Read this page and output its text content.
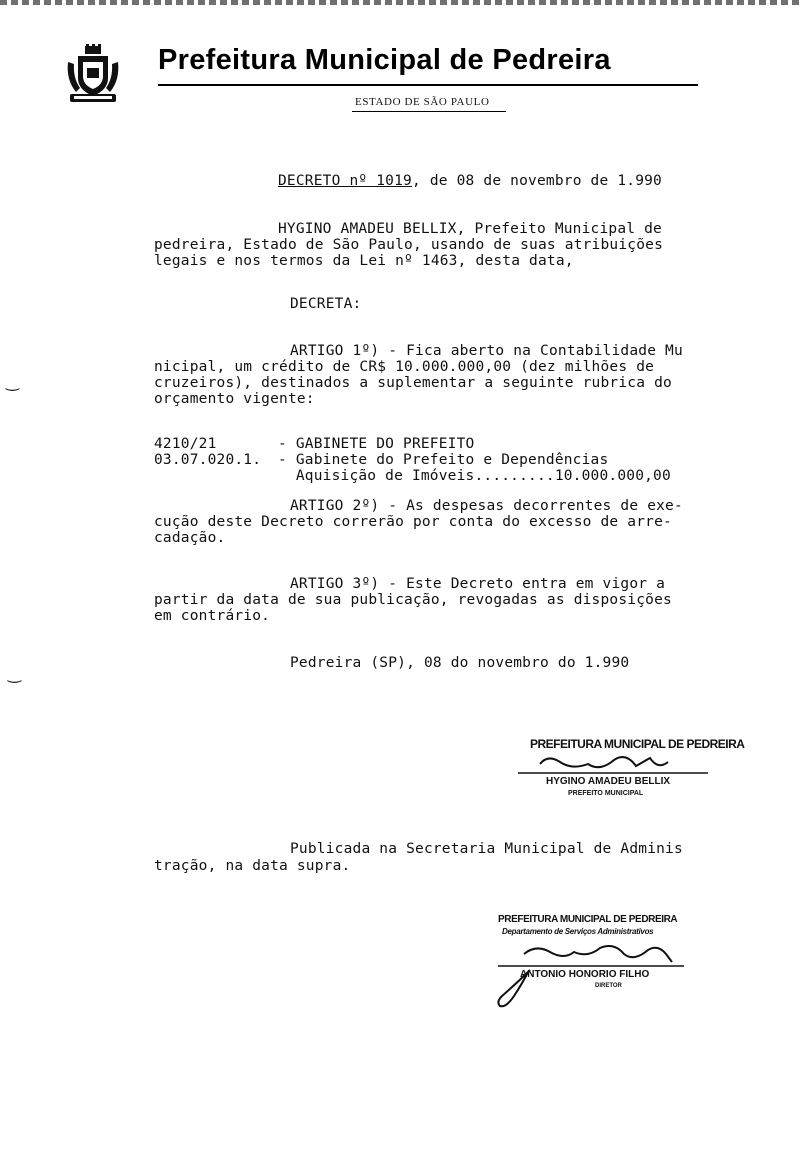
Prefeitura Municipal de Pedreira
ESTADO DE SÃO PAULO
DECRETO nº 1019, de 08 de novembro de 1.990
HYGINO AMADEU BELLIX, Prefeito Municipal de
pedreira, Estado de São Paulo, usando de suas atribuições
legais e nos termos da Lei nº 1463, desta data,
DECRETA:
ARTIGO 1º) - Fica aberto na Contabilidade Mu
nicipal, um crédito de CR$ 10.000.000,00 (dez milhões de
cruzeiros), destinados a suplementar a seguinte rubrica do
orçamento vigente:
4210/21	- GABINETE DO PREFEITO
03.07.020.1. - Gabinete do Prefeito e Dependências
Aquisição de Imóveis.........10.000.000,00
ARTIGO 2º) - As despesas decorrentes de exe-
cução deste Decreto correrão por conta do excesso de arre-
cadação.
ARTIGO 3º) - Este Decreto entra em vigor a
partir da data de sua publicação, revogadas as disposições
em contrário.
Pedreira (SP), 08 do novembro do 1.990
‿
‿
PREFEITURA MUNICIPAL DE PEDREIRA
HYGINO AMADEU BELLIX
PREFEITO MUNICIPAL
Publicada na Secretaria Municipal de Adminis
tração, na data supra.
PREFEITURA MUNICIPAL DE PEDREIRA
Departamento de Serviços Administrativos
ANTONIO HONORIO FILHO
DIRETOR
